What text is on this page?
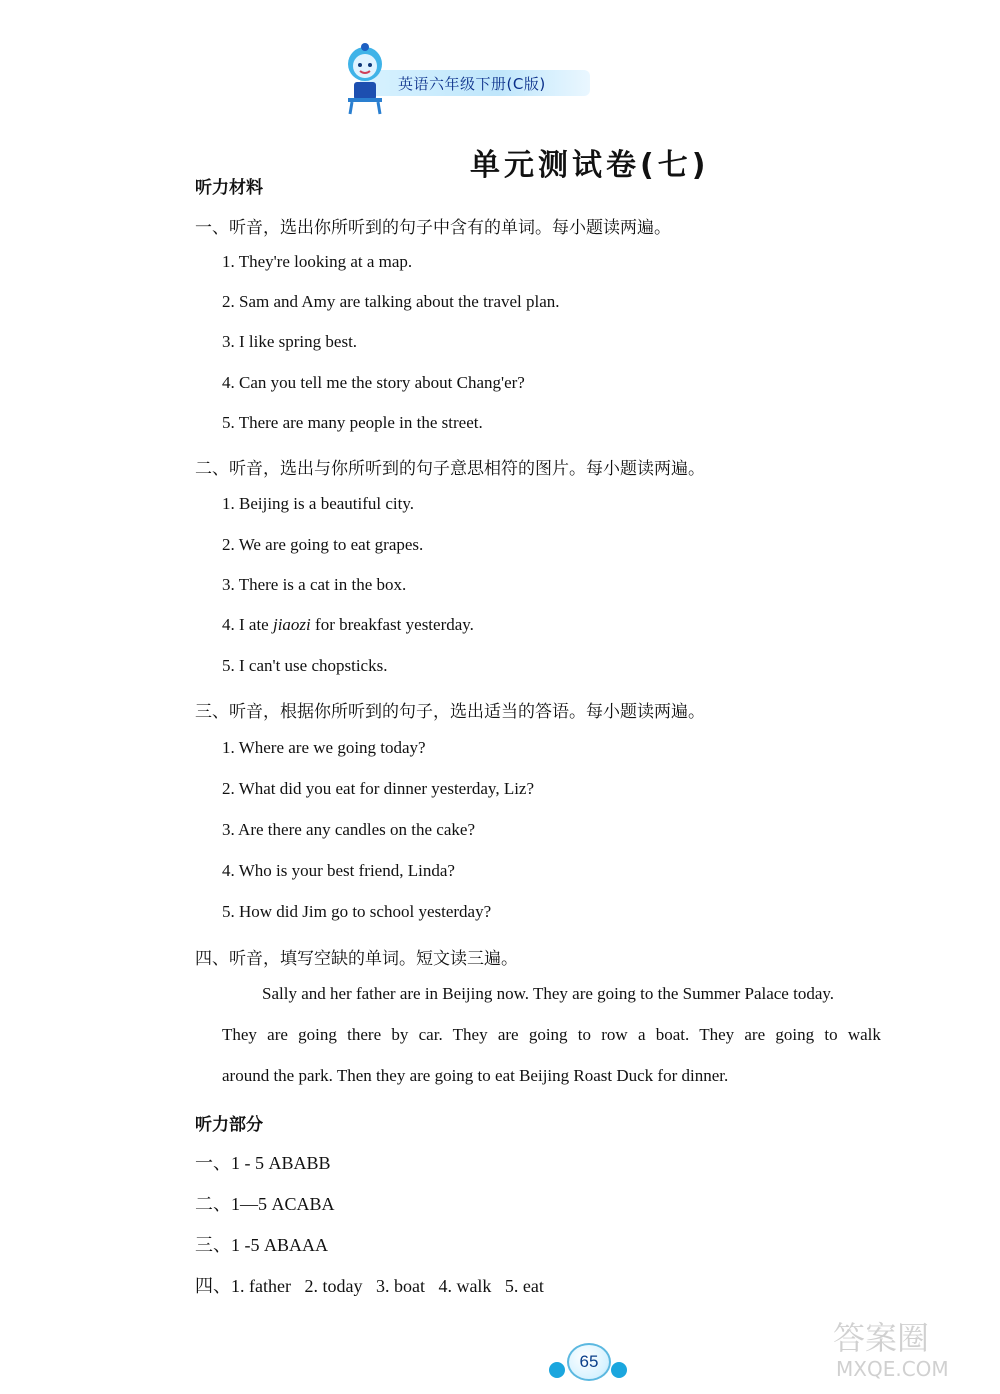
英语六年级下册(C版)
单元测试卷(七)
听力材料
一、听音，选出你所听到的句子中含有的单词。每小题读两遍。
1. They're looking at a map.
2. Sam and Amy are talking about the travel plan.
3. I like spring best.
4. Can you tell me the story about Chang'er?
5. There are many people in the street.
二、听音，选出与你所听到的句子意思相符的图片。每小题读两遍。
1. Beijing is a beautiful city.
2. We are going to eat grapes.
3. There is a cat in the box.
4. I ate jiaozi for breakfast yesterday.
5. I can't use chopsticks.
三、听音，根据你所听到的句子，选出适当的答语。每小题读两遍。
1. Where are we going today?
2. What did you eat for dinner yesterday, Liz?
3. Are there any candles on the cake?
4. Who is your best friend, Linda?
5. How did Jim go to school yesterday?
四、听音，填写空缺的单词。短文读三遍。
Sally and her father are in Beijing now. They are going to the Summer Palace today.
They are going there by car. They are going to row a boat. They are going to walk
around the park. Then they are going to eat Beijing Roast Duck for dinner.
听力部分
一、1 - 5 ABABB
二、1—5 ACABA
三、1 -5 ABAAA
四、1. father   2. today   3. boat   4. walk   5. eat
65
答案圈
MXQE.COM
